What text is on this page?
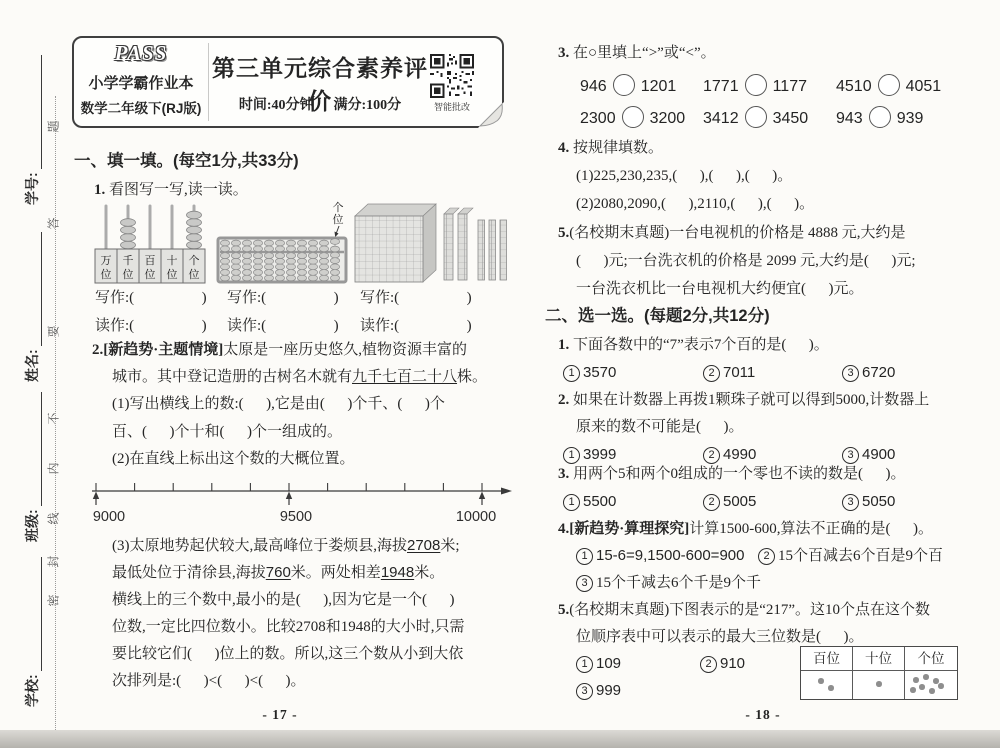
题
答
要
不
内
线
封
密
学号:
姓名:
班级:
学校:
PASS
小学学霸作业本
数学二年级下(RJ版)
第三单元综合素养评价
时间:40分钟 满分:100分	智能批改
一、填一填。(每空1分,共33分)
1. 看图写一写,读一读。
万
位
千
位
百
位
十
位
个
位
个
位
写作:(                  ) 写作:(                  ) 写作:(                  )
读作:(                  ) 读作:(                  ) 读作:(                  )
2.[新趋势·主题情境]太原是一座历史悠久,植物资源丰富的
城市。其中登记造册的古树名木就有九千七百二十八株。
(1)写出横线上的数:(      ),它是由(      )个千、(      )个
百、(      )个十和(      )个一组成的。
(2)在直线上标出这个数的大概位置。
9000	9500	10000
(3)太原地势起伏较大,最高峰位于娄烦县,海拔2708米;
最低处位于清徐县,海拔760米。两处相差1948米。
横线上的三个数中,最小的是(      ),因为它是一个(      )
位数,一定比四位数小。比较2708和1948的大小时,只需
要比较它们(      )位上的数。所以,这三个数从小到大依
次排列是:(      )<(      )<(      )。
- 17 -
3. 在○里填上“>”或“<”。
946 1201 1771 1177 4510 4051
2300 3200 3412 3450 943 939
4. 按规律填数。
(1)225,230,235,(      ),(      ),(      )。
(2)2080,2090,(      ),2110,(      ),(      )。
5.(名校期末真题)一台电视机的价格是 4888 元,大约是
(      )元;一台洗衣机的价格是 2099 元,大约是(      )元;
一台洗衣机比一台电视机大约便宜(      )元。
二、选一选。(每题2分,共12分)
1. 下面各数中的“7”表示7个百的是(      )。
1 3570	2 7011	3 6720
2. 如果在计数器上再拨1颗珠子就可以得到5000,计数器上
原来的数不可能是(      )。
1 3999	2 4990	3 4900
3. 用两个5和两个0组成的一个零也不读的数是(      )。
1 5500	2 5005	3 5050
4.[新趋势·算理探究]计算1500-600,算法不正确的是(      )。
1 15-6=9,1500-600=900	2 15个百减去6个百是9个百
3 15个千减去6个千是9个千
5.(名校期末真题)下图表示的是“217”。这10个点在这个数
位顺序表中可以表示的最大三位数是(      )。
1 109	2 910
3 999
百位	十位	个位
- 18 -
